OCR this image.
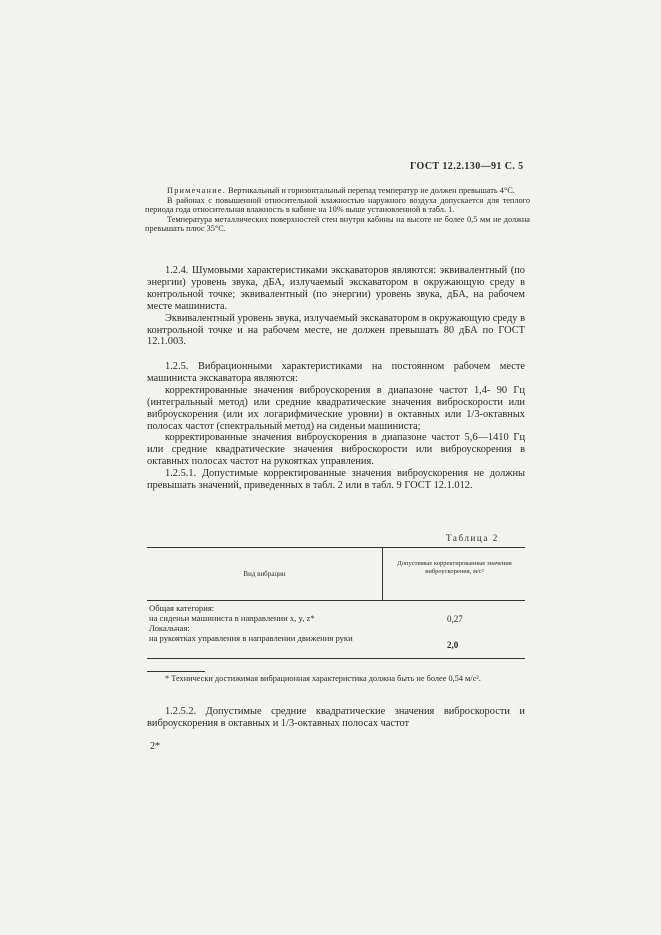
ГОСТ 12.2.130—91 С. 5

Примечание. Вертикальный и горизонтальный перепад температур не должен превышать 4°С.

В районах с повышенной относительной влажностью наружного воздуха допускается для теплого периода года относительная влажность в кабине на 10% выше установленной в табл. 1.

Температура металлических поверхностей стен внутри кабины на высоте не более 0,5 мм не должна превышать плюс 35°С.

1.2.4. Шумовыми характеристиками экскаваторов являются: эквивалентный (по энергии) уровень звука, дБА, излучаемый экскаватором в окружающую среду в контрольной точке; эквивалентный (по энергии) уровень звука, дБА, на рабочем месте машиниста.

Эквивалентный уровень звука, излучаемый экскаватором в окружающую среду в контрольной точке и на рабочем месте, не должен превышать 80 дБА по ГОСТ 12.1.003.

1.2.5. Вибрационными характеристиками на постоянном рабочем месте машиниста экскаватора являются:

корректированные значения виброускорения в диапазоне частот 1,4- 90 Гц (интегральный метод) или средние квадратические значения виброскорости или виброускорения (или их логарифмические уровни) в октавных или 1/3-октавных полосах частот (спектральный метод) на сиденьи машиниста;

корректированные значения виброускорения в диапазоне частот 5,6—1410 Гц или средние квадратические значения виброскорости или виброускорения в октавных полосах частот на рукоятках управления.

1.2.5.1. Допустимые корректированные значения виброускорения не должны превышать значений, приведенных в табл. 2 или в табл. 9 ГОСТ 12.1.012.

Таблица 2
Вид вибрации
Допустимые корректированные значения виброускорения, м/с²

Общая категория:

на сиденьи машиниста в направлении x, y, z*	0,27

Локальная:

на рукоятках управления в направлении движения руки

2,0

* Технически достижимая вибрационная характеристика должна быть не более 0,54 м/с².

1.2.5.2. Допустимые средние квадратические значения виброскорости и виброускорения в октавных и 1/3-октавных полосах частот

2*
